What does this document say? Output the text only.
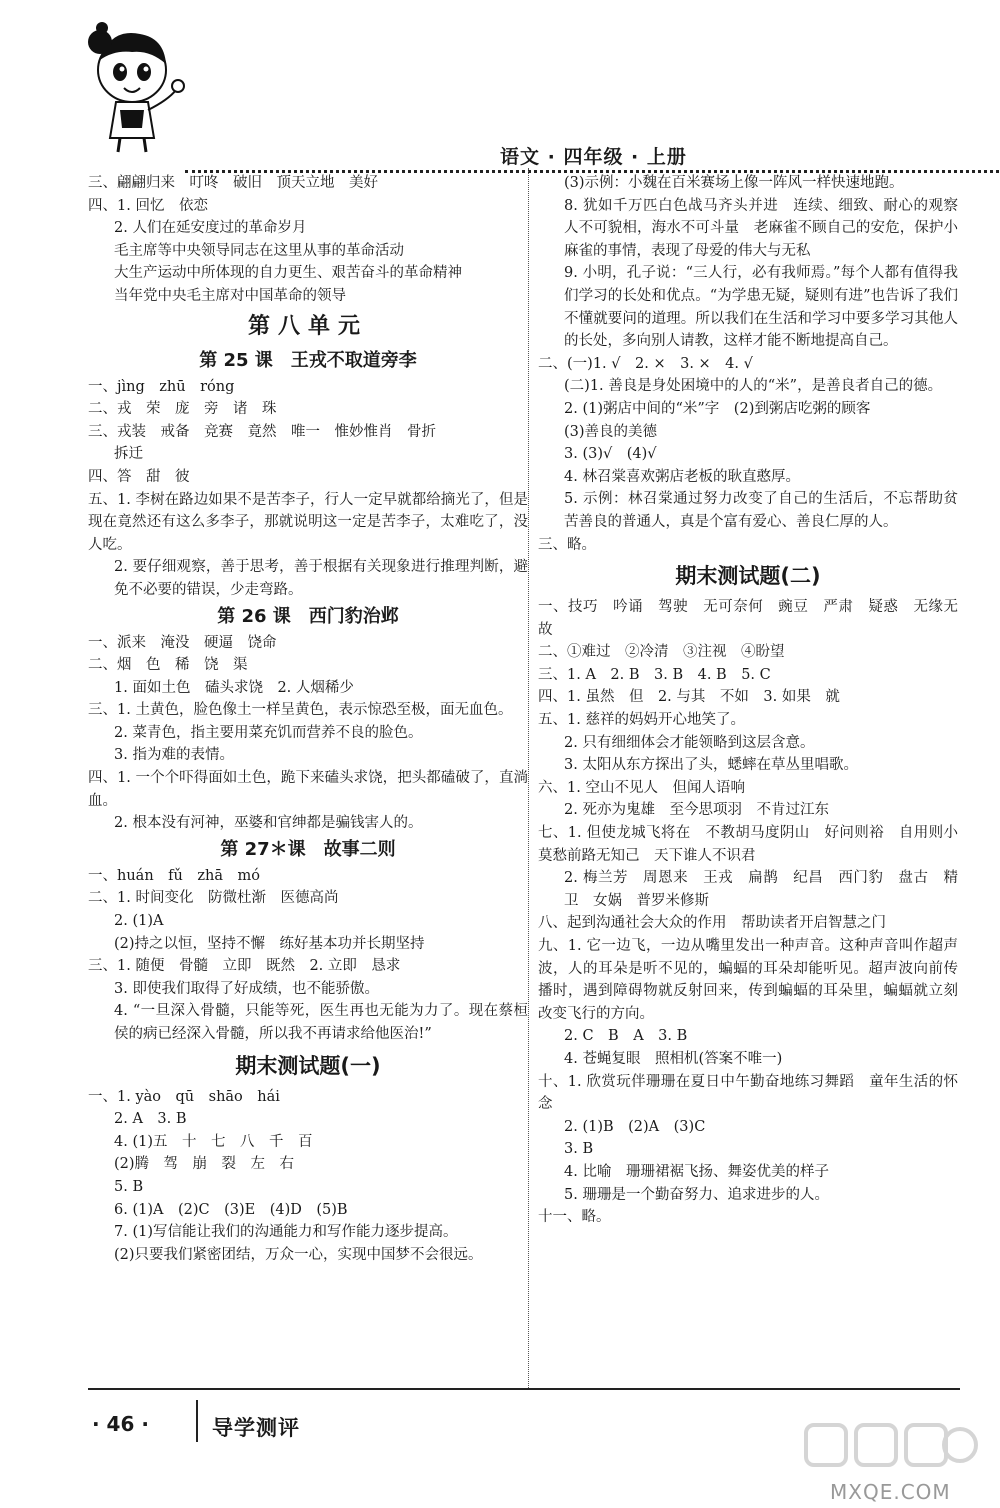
语文 · 四年级 · 上册
三、翩翩归来　叮咚　破旧　顶天立地　美好
四、1. 回忆　依恋
2. 人们在延安度过的革命岁月
毛主席等中央领导同志在这里从事的革命活动
大生产运动中所体现的自力更生、艰苦奋斗的革命精神
当年党中央毛主席对中国革命的领导
第八单元
第 25 课　王戎不取道旁李
一、jìng　zhū　róng
二、戎　荣　庞　旁　诸　珠
三、戎装　戒备　竞赛　竟然　唯一　惟妙惟肖　骨折
拆迁
四、答　甜　彼
五、1. 李树在路边如果不是苦李子，行人一定早就都给摘光了，但是现在竟然还有这么多李子，那就说明这一定是苦李子，太难吃了，没人吃。
2. 要仔细观察，善于思考，善于根据有关现象进行推理判断，避免不必要的错误，少走弯路。
第 26 课　西门豹治邺
一、派来　淹没　硬逼　饶命
二、烟　色　稀　饶　渠
1. 面如土色　磕头求饶　2. 人烟稀少
三、1. 土黄色，脸色像土一样呈黄色，表示惊恐至极，面无血色。
2. 菜青色，指主要用菜充饥而营养不良的脸色。
3. 指为难的表情。
四、1. 一个个吓得面如土色，跪下来磕头求饶，把头都磕破了，直淌血。
2. 根本没有河神，巫婆和官绅都是骗钱害人的。
第 27＊课　故事二则
一、huán　fǔ　zhā　mó
二、1. 时间变化　防微杜渐　医德高尚
2. (1)A
(2)持之以恒，坚持不懈　练好基本功并长期坚持
三、1. 随便　骨髓　立即　既然　2. 立即　恳求
3. 即使我们取得了好成绩，也不能骄傲。
4. “一旦深入骨髓，只能等死，医生再也无能为力了。现在蔡桓侯的病已经深入骨髓，所以我不再请求给他医治!”
期末测试题(一)
一、1. yào　qū　shāo　hái
2. A　3. B
4. (1)五　十　七　八　千　百
(2)腾　驾　崩　裂　左　右
5. B
6. (1)A　(2)C　(3)E　(4)D　(5)B
7. (1)写信能让我们的沟通能力和写作能力逐步提高。
(2)只要我们紧密团结，万众一心，实现中国梦不会很远。
(3)示例：小魏在百米赛场上像一阵风一样快速地跑。
8. 犹如千万匹白色战马齐头并进　连续、细致、耐心的观察　人不可貌相，海水不可斗量　老麻雀不顾自己的安危，保护小麻雀的事情，表现了母爱的伟大与无私
9. 小明，孔子说：“三人行，必有我师焉。”每个人都有值得我们学习的长处和优点。“为学患无疑，疑则有进”也告诉了我们不懂就要问的道理。所以我们在生活和学习中要多学习其他人的长处，多向别人请教，这样才能不断地提高自己。
二、(一)1. √　2. ×　3. ×　4. √
(二)1. 善良是身处困境中的人的“米”，是善良者自己的德。
2. (1)粥店中间的“米”字　(2)到粥店吃粥的顾客
(3)善良的美德
3. (3)√　(4)√
4. 林召棠喜欢粥店老板的耿直憨厚。
5. 示例：林召棠通过努力改变了自己的生活后，不忘帮助贫苦善良的普通人，真是个富有爱心、善良仁厚的人。
三、略。
期末测试题(二)
一、技巧　吟诵　驾驶　无可奈何　豌豆　严肃　疑惑　无缘无故
二、①难过　②冷清　③注视　④盼望
三、1. A　2. B　3. B　4. B　5. C
四、1. 虽然　但　2. 与其　不如　3. 如果　就
五、1. 慈祥的妈妈开心地笑了。
2. 只有细细体会才能领略到这层含意。
3. 太阳从东方探出了头，蟋蟀在草丛里唱歌。
六、1. 空山不见人　但闻人语响
2. 死亦为鬼雄　至今思项羽　不肯过江东
七、1. 但使龙城飞将在　不教胡马度阴山　好问则裕　自用则小　莫愁前路无知己　天下谁人不识君
2. 梅兰芳　周恩来　王戎　扁鹊　纪昌　西门豹　盘古　精卫　女娲　普罗米修斯
八、起到沟通社会大众的作用　帮助读者开启智慧之门
九、1. 它一边飞，一边从嘴里发出一种声音。这种声音叫作超声波，人的耳朵是听不见的，蝙蝠的耳朵却能听见。超声波向前传播时，遇到障碍物就反射回来，传到蝙蝠的耳朵里，蝙蝠就立刻改变飞行的方向。
2. C　B　A　3. B
4. 苍蝇复眼　照相机(答案不唯一)
十、1. 欣赏玩伴珊珊在夏日中午勤奋地练习舞蹈　童年生活的怀念
2. (1)B　(2)A　(3)C
3. B
4. 比喻　珊珊裙裾飞扬、舞姿优美的样子
5. 珊珊是一个勤奋努力、追求进步的人。
十一、略。
· 46 ·	导学测评
MXQE.COM
